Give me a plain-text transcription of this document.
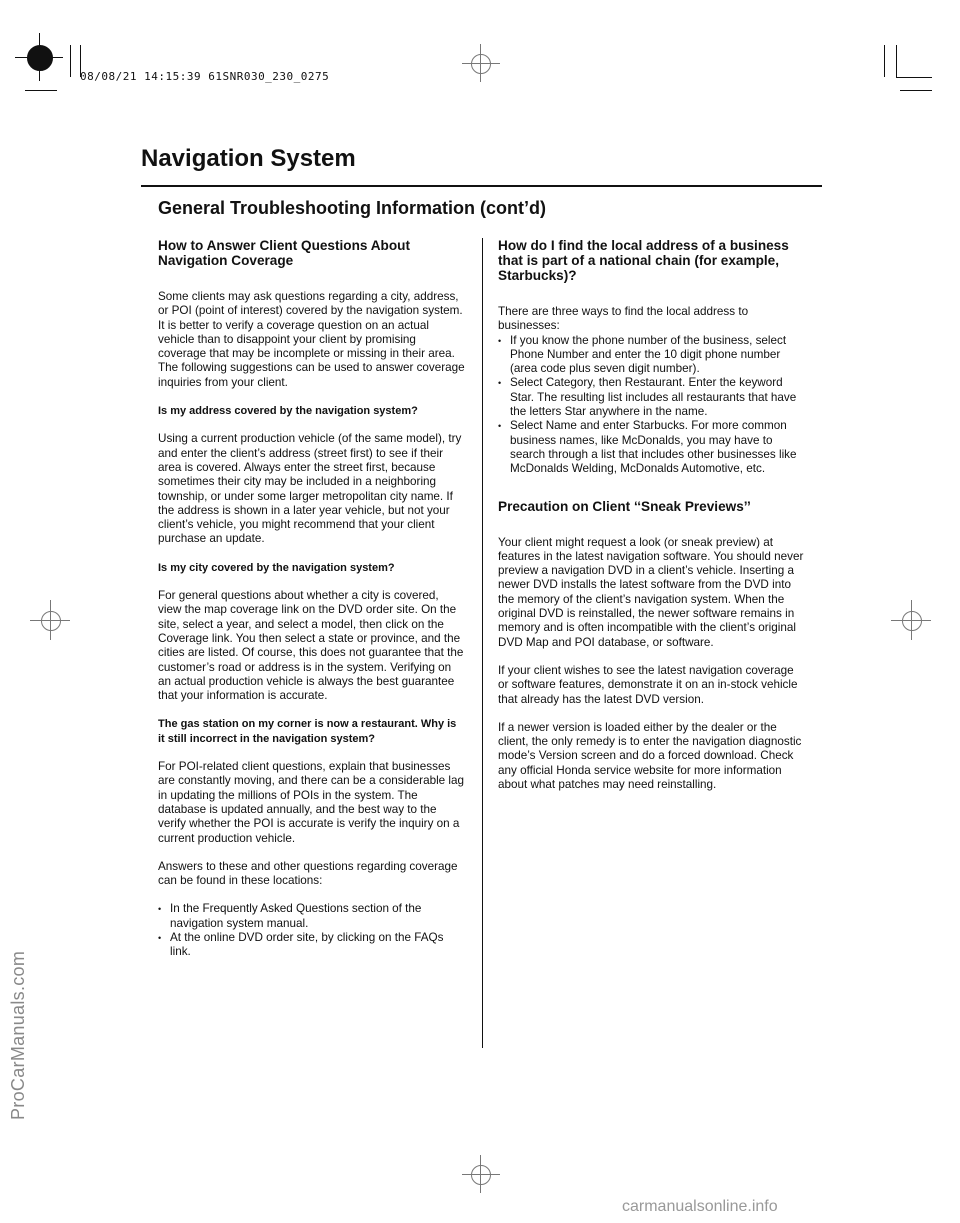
08/08/21 14:15:39 61SNR030_230_0275
Navigation System
General Troubleshooting Information (cont’d)
How to Answer Client Questions About Navigation Coverage

Some clients may ask questions regarding a city, address, or POI (point of interest) covered by the navigation system. It is better to verify a coverage question on an actual vehicle than to disappoint your client by promising coverage that may be incomplete or missing in their area. The following suggestions can be used to answer coverage inquiries from your client.

Is my address covered by the navigation system?

Using a current production vehicle (of the same model), try and enter the client’s address (street first) to see if their area is covered. Always enter the street first, because sometimes their city may be included in a neighboring township, or under some larger metropolitan city name. If the address is shown in a later year vehicle, but not your client’s vehicle, you might recommend that your client purchase an update.

Is my city covered by the navigation system?

For general questions about whether a city is covered, view the map coverage link on the DVD order site. On the site, select a year, and select a model, then click on the Coverage link. You then select a state or province, and the cities are listed. Of course, this does not guarantee that the customer’s road or address is in the system. Verifying on an actual production vehicle is always the best guarantee that your information is accurate.

The gas station on my corner is now a restaurant. Why is it still incorrect in the navigation system?

For POI-related client questions, explain that businesses are constantly moving, and there can be a considerable lag in updating the millions of POIs in the system. The database is updated annually, and the best way to the verify whether the POI is accurate is verify the inquiry on a current production vehicle.

Answers to these and other questions regarding coverage can be found in these locations:

• In the Frequently Asked Questions section of the navigation system manual.
• At the online DVD order site, by clicking on the FAQs link.
How do I find the local address of a business that is part of a national chain (for example, Starbucks)?

There are three ways to find the local address to businesses:

• If you know the phone number of the business, select Phone Number and enter the 10 digit phone number (area code plus seven digit number).
• Select Category, then Restaurant. Enter the keyword Star. The resulting list includes all restaurants that have the letters Star anywhere in the name.
• Select Name and enter Starbucks. For more common business names, like McDonalds, you may have to search through a list that includes other businesses like McDonalds Welding, McDonalds Automotive, etc.
Precaution on Client ‘‘Sneak Previews’’

Your client might request a look (or sneak preview) at features in the latest navigation software. You should never preview a navigation DVD in a client’s vehicle. Inserting a newer DVD installs the latest software from the DVD into the memory of the client’s navigation system. When the original DVD is reinstalled, the newer software remains in memory and is often incompatible with the client’s original DVD Map and POI database, or software.

If your client wishes to see the latest navigation coverage or software features, demonstrate it on an in-stock vehicle that already has the latest DVD version.

If a newer version is loaded either by the dealer or the client, the only remedy is to enter the navigation diagnostic mode’s Version screen and do a forced download. Check any official Honda service website for more information about what patches may need reinstalling.

ProCarManuals.com
carmanualsonline.info
